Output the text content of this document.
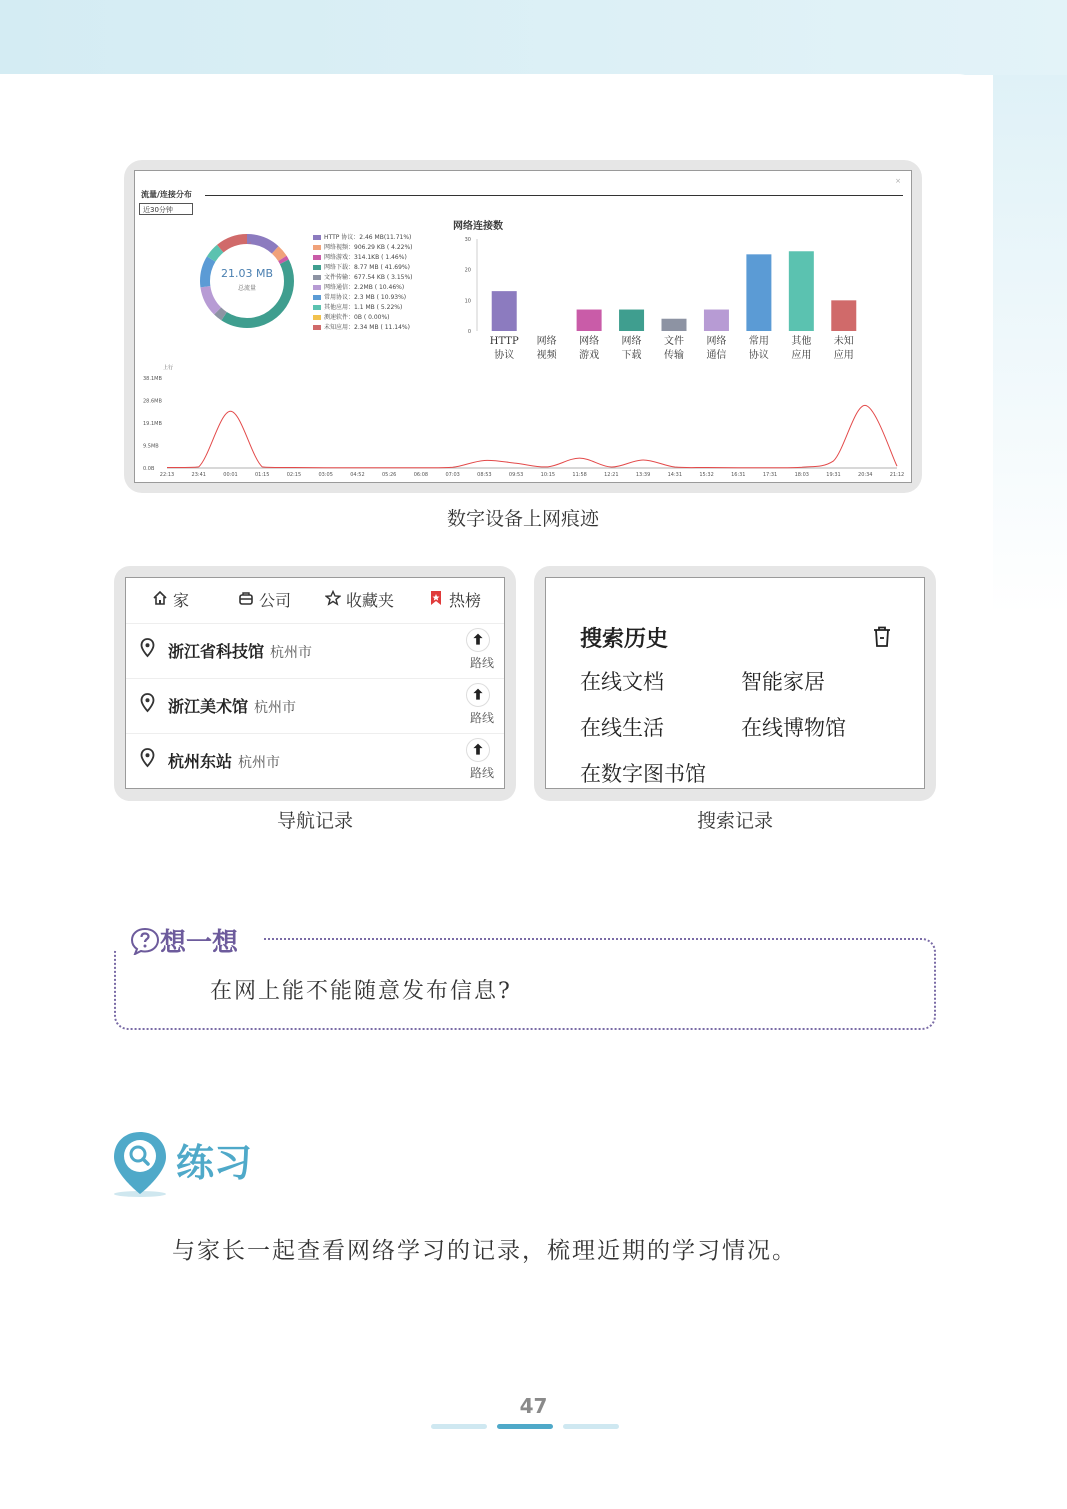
流量/连接分布
×
近30分钟
21.03 MB
总流量
HTTP 协议：2.46 MB(11.71%)
网络视频：906.29 KB ( 4.22%)
网络游戏：314.1KB ( 1.46%)
网络下载：8.77 MB ( 41.69%)
文件传输：677.54 KB ( 3.15%)
网络通信：2.2MB ( 10.46%)
常用协议：2.3 MB ( 10.93%)
其他应用：1.1 MB ( 5.22%)
测速软件：0B ( 0.00%)
未知应用：2.34 MB ( 11.14%)
网络连接数
0
10
20
30
上行
0.0B
9.5MB
19.1MB
28.6MB
38.1MB
22:13	23:41	00:01	01:15	02:15	03:05	04:52	05:26	06:08	07:03	08:53	09:53	10:15	11:58	12:21	13:39	14:31	15:32	16:31	17:31	18:03	19:31	20:34	21:12
HTTP
协议
网络
视频
网络
游戏
网络
下载
文件
传输
网络
通信
常用
协议
其他
应用
未知
应用
数字设备上网痕迹
家	公司	收藏夹	热榜
浙江省科技馆 杭州市
路线
浙江美术馆 杭州市
路线
杭州东站 杭州市
路线
导航记录
搜索历史
在线文档	智能家居
在线生活	在线博物馆
在数字图书馆
搜索记录
想一想
在网上能不能随意发布信息?
练习
与家长一起查看网络学习的记录，梳理近期的学习情况。
47
